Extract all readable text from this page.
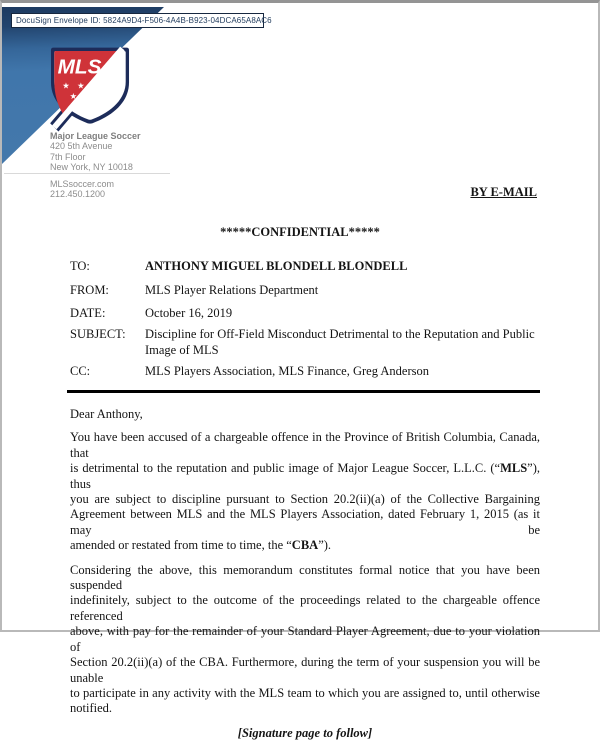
DocuSign Envelope ID: 5824A9D4-F506-4A4B-B923-04DCA65A8AC6
MLS
★ ★
★
Major League Soccer
420 5th Avenue
7th Floor
New York, NY 10018
MLSsoccer.com
212.450.1200	BY E-MAIL
*****CONFIDENTIAL*****
TO:	ANTHONY MIGUEL BLONDELL BLONDELL
FROM:	MLS Player Relations Department
DATE:	October 16, 2019
SUBJECT:	Discipline for Off-Field Misconduct Detrimental to the Reputation and Public
Image of MLS
CC:	MLS Players Association, MLS Finance, Greg Anderson
Dear Anthony,
You have been accused of a chargeable offence in the Province of British Columbia, Canada, that
is detrimental to the reputation and public image of Major League Soccer, L.L.C. (“MLS”), thus
you are subject to discipline pursuant to Section 20.2(ii)(a) of the Collective Bargaining
Agreement between MLS and the MLS Players Association, dated February 1, 2015 (as it may be
amended or restated from time to time, the “CBA”).
Considering the above, this memorandum constitutes formal notice that you have been suspended
indefinitely, subject to the outcome of the proceedings related to the chargeable offence referenced
above, with pay for the remainder of your Standard Player Agreement, due to your violation of
Section 20.2(ii)(a) of the CBA. Furthermore, during the term of your suspension you will be unable
to participate in any activity with the MLS team to which you are assigned to, until otherwise
notified.
[Signature page to follow]
